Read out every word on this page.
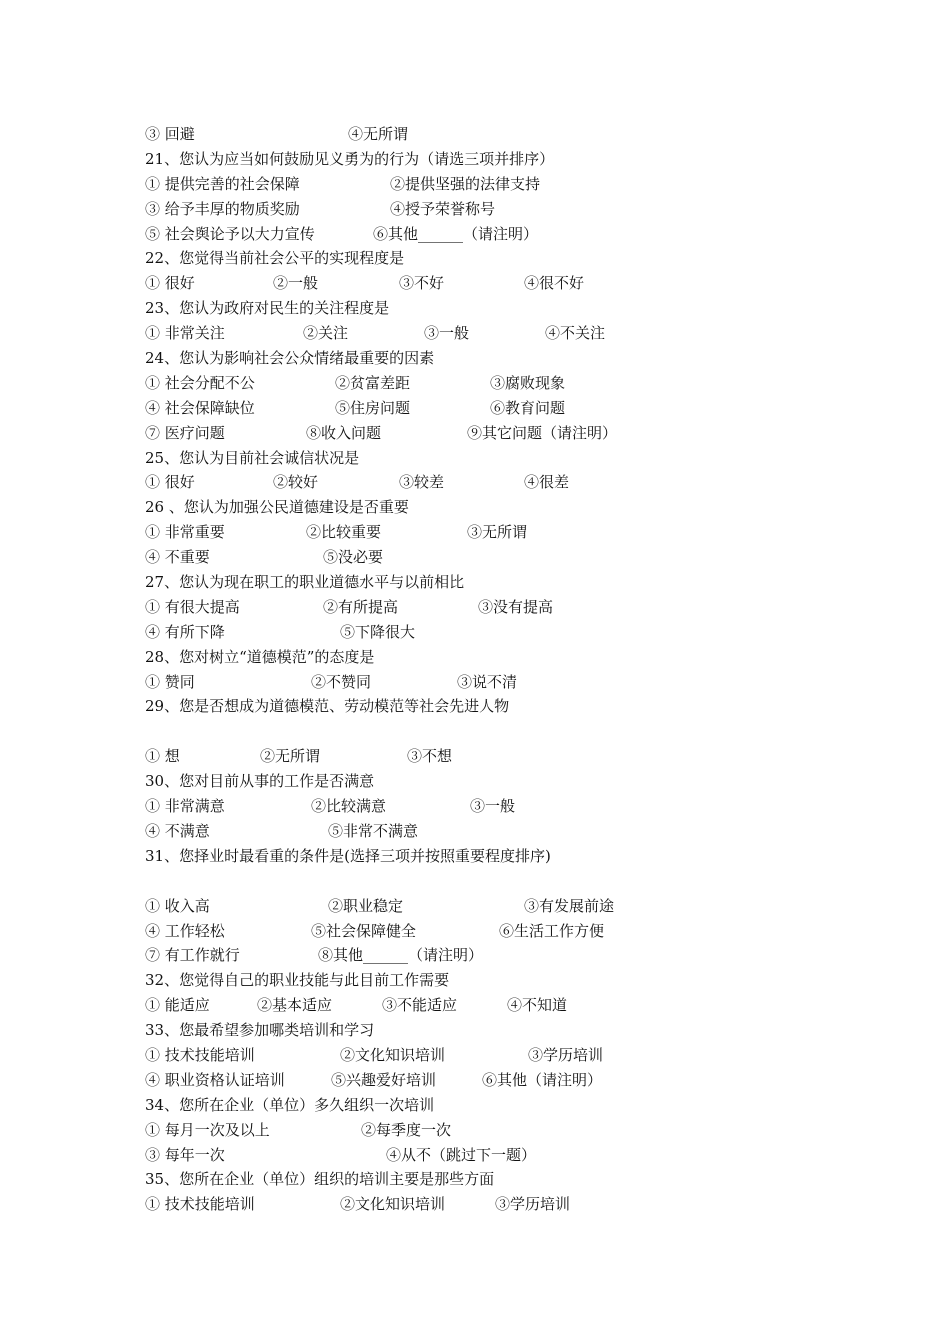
③ 回避	④无所谓
21、您认为应当如何鼓励见义勇为的行为（请选三项并排序）
① 提供完善的社会保障	②提供坚强的法律支持
③ 给予丰厚的物质奖励	④授予荣誉称号
⑤ 社会舆论予以大力宣传	⑥其他______（请注明）
22、您觉得当前社会公平的实现程度是
① 很好	②一般	③不好	④很不好
23、您认为政府对民生的关注程度是
① 非常关注	②关注	③一般	④不关注
24、您认为影响社会公众情绪最重要的因素
① 社会分配不公	②贫富差距	③腐败现象
④ 社会保障缺位	⑤住房问题	⑥教育问题
⑦ 医疗问题	⑧收入问题	⑨其它问题（请注明）
25、您认为目前社会诚信状况是
① 很好	②较好	③较差	④很差
26 、您认为加强公民道德建设是否重要
① 非常重要	②比较重要	③无所谓
④ 不重要	⑤没必要
27、您认为现在职工的职业道德水平与以前相比
① 有很大提高	②有所提高	③没有提高
④ 有所下降	⑤下降很大
28、您对树立“道德模范”的态度是
① 赞同	②不赞同	③说不清
29、您是否想成为道德模范、劳动模范等社会先进人物
① 想	②无所谓	③不想
30、您对目前从事的工作是否满意
① 非常满意	②比较满意	③一般
④ 不满意	⑤非常不满意
31、您择业时最看重的条件是(选择三项并按照重要程度排序)
① 收入高	②职业稳定	③有发展前途
④ 工作轻松	⑤社会保障健全	⑥生活工作方便
⑦ 有工作就行	⑧其他______（请注明）
32、您觉得自己的职业技能与此目前工作需要
① 能适应	②基本适应	③不能适应	④不知道
33、您最希望参加哪类培训和学习
① 技术技能培训	②文化知识培训	③学历培训
④ 职业资格认证培训	⑤兴趣爱好培训	⑥其他（请注明）
34、您所在企业（单位）多久组织一次培训
① 每月一次及以上	②每季度一次
③ 每年一次	④从不（跳过下一题）
35、您所在企业（单位）组织的培训主要是那些方面
① 技术技能培训	②文化知识培训	③学历培训
